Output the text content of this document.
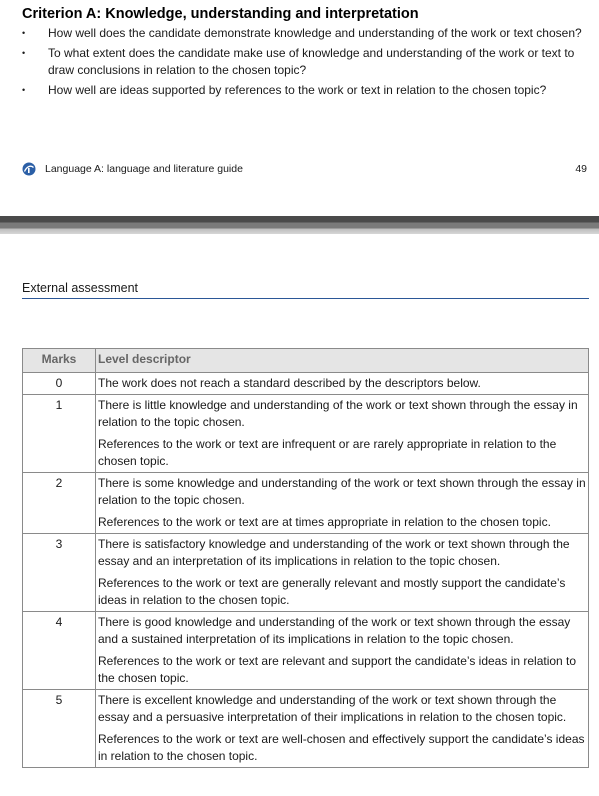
Criterion A: Knowledge, understanding and interpretation
• How well does the candidate demonstrate knowledge and understanding of the work or text chosen?
• To what extent does the candidate make use of knowledge and understanding of the work or text to draw conclusions in relation to the chosen topic?
• How well are ideas supported by references to the work or text in relation to the chosen topic?
Language A: language and literature guide	49
External assessment
Marks	Level descriptor
0	The work does not reach a standard described by the descriptors below.

1	There is little knowledge and understanding of the work or text shown through the essay in relation to the topic chosen.

References to the work or text are infrequent or are rarely appropriate in relation to the chosen topic.

2	There is some knowledge and understanding of the work or text shown through the essay in relation to the topic chosen.

References to the work or text are at times appropriate in relation to the chosen topic.

3	There is satisfactory knowledge and understanding of the work or text shown through the essay and an interpretation of its implications in relation to the topic chosen.

References to the work or text are generally relevant and mostly support the candidate’s ideas in relation to the chosen topic.

4	There is good knowledge and understanding of the work or text shown through the essay and a sustained interpretation of its implications in relation to the topic chosen.

References to the work or text are relevant and support the candidate’s ideas in relation to the chosen topic.

5	There is excellent knowledge and understanding of the work or text shown through the essay and a persuasive interpretation of their implications in relation to the chosen topic.

References to the work or text are well-chosen and effectively support the candidate’s ideas in relation to the chosen topic.
